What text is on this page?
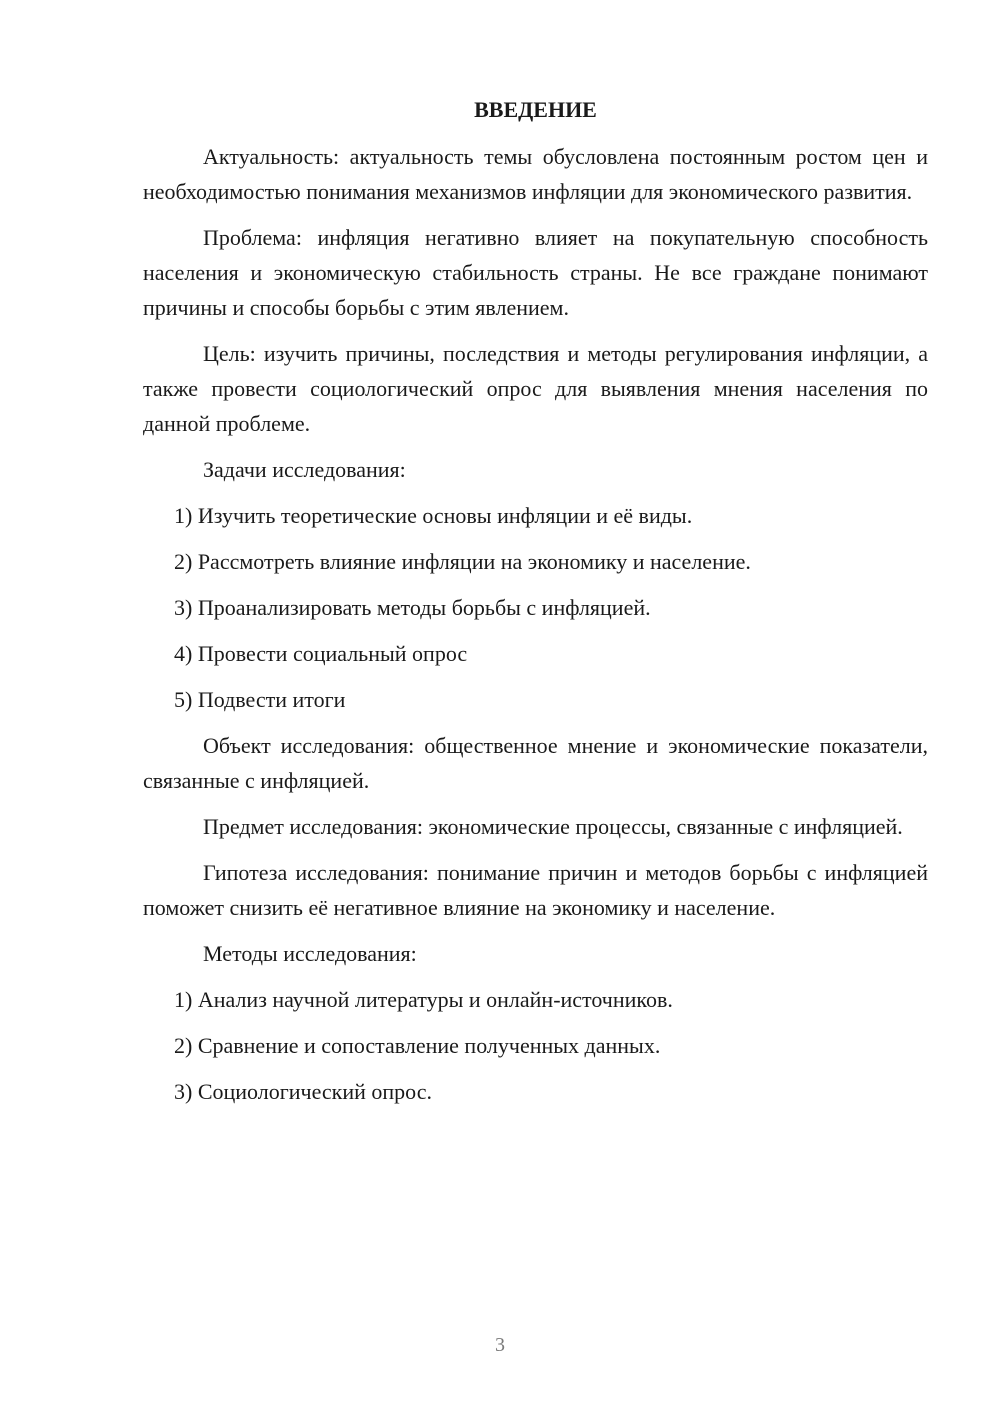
ВВЕДЕНИЕ

Актуальность: актуальность темы обусловлена постоянным ростом цен и необходимостью понимания механизмов инфляции для экономического развития.

Проблема: инфляция негативно влияет на покупательную способность населения и экономическую стабильность страны. Не все граждане понимают причины и способы борьбы с этим явлением.

Цель: изучить причины, последствия и методы регулирования инфляции, а также провести социологический опрос для выявления мнения населения по данной проблеме.

Задачи исследования:

1) Изучить теоретические основы инфляции и её виды.

2) Рассмотреть влияние инфляции на экономику и население.

3) Проанализировать методы борьбы с инфляцией.

4) Провести социальный опрос

5) Подвести итоги

Объект исследования: общественное мнение и экономические показатели, связанные с инфляцией.

Предмет исследования: экономические процессы, связанные с инфляцией.

Гипотеза исследования: понимание причин и методов борьбы с инфляцией поможет снизить её негативное влияние на экономику и население.

Методы исследования:

1) Анализ научной литературы и онлайн-источников.

2) Сравнение и сопоставление полученных данных.

3) Социологический опрос.

3
